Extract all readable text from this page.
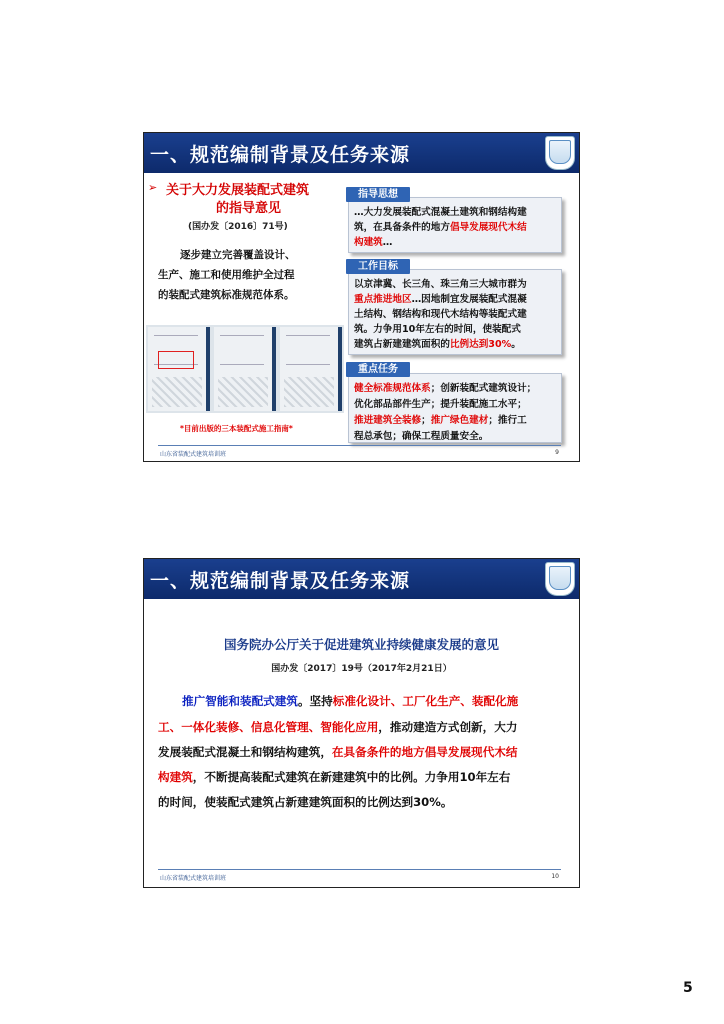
一、规范编制背景及任务来源
➢ 关于大力发展装配式建筑
的指导意见
(国办发〔2016〕71号)
逐步建立完善覆盖设计、
生产、施工和使用维护全过程
的装配式建筑标准规范体系。
*目前出版的三本装配式施工指南*
…大力发展装配式混凝土建筑和钢结构建
筑，在具备条件的地方倡导发展现代木结
构建筑…
指导思想
以京津冀、长三角、珠三角三大城市群为
重点推进地区…因地制宜发展装配式混凝
土结构、钢结构和现代木结构等装配式建
筑。力争用10年左右的时间，使装配式
建筑占新建建筑面积的比例达到30%。
工作目标
健全标准规范体系；创新装配式建筑设计；
优化部品部件生产；提升装配施工水平；
推进建筑全装修；推广绿色建材；推行工
程总承包；确保工程质量安全。
重点任务
山东省装配式建筑培训班	9
一、规范编制背景及任务来源
国务院办公厅关于促进建筑业持续健康发展的意见
国办发〔2017〕19号（2017年2月21日）
推广智能和装配式建筑。坚持标准化设计、工厂化生产、装配化施
工、一体化装修、信息化管理、智能化应用，推动建造方式创新，大力
发展装配式混凝土和钢结构建筑，在具备条件的地方倡导发展现代木结
构建筑，不断提高装配式建筑在新建建筑中的比例。力争用10年左右
的时间，使装配式建筑占新建建筑面积的比例达到30%。
山东省装配式建筑培训班	10
5
